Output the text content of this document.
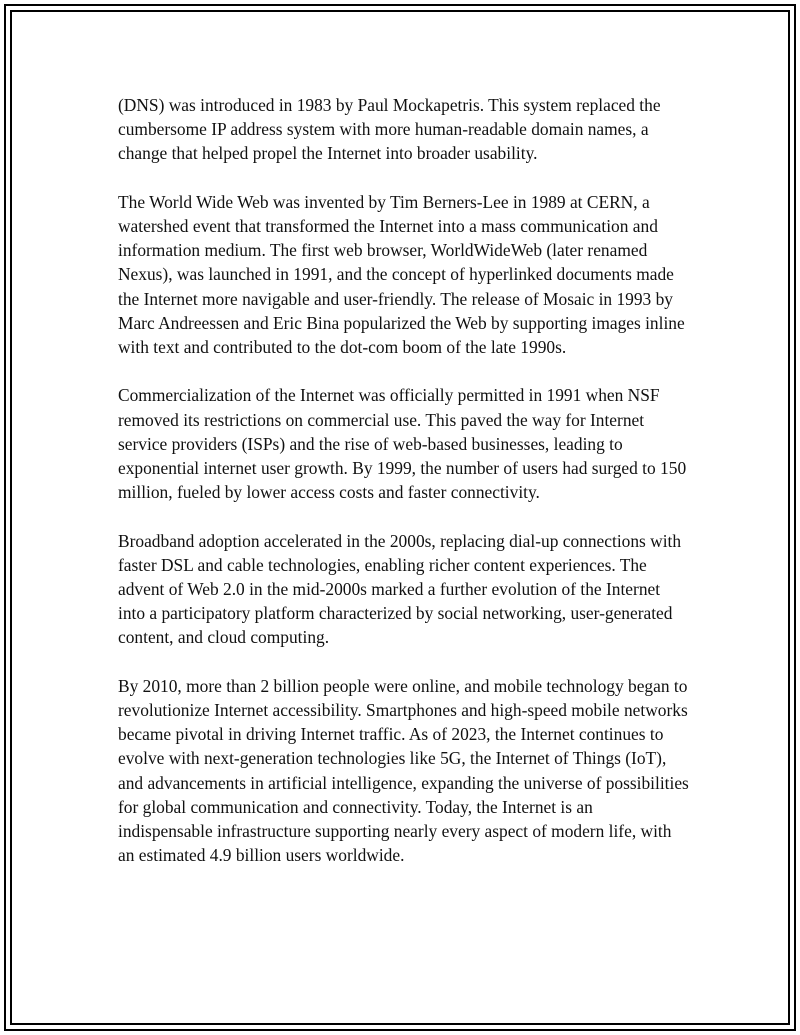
(DNS) was introduced in 1983 by Paul Mockapetris. This system replaced the cumbersome IP address system with more human-readable domain names, a change that helped propel the Internet into broader usability.

The World Wide Web was invented by Tim Berners-Lee in 1989 at CERN, a watershed event that transformed the Internet into a mass communication and information medium. The first web browser, WorldWideWeb (later renamed Nexus), was launched in 1991, and the concept of hyperlinked documents made the Internet more navigable and user-friendly. The release of Mosaic in 1993 by Marc Andreessen and Eric Bina popularized the Web by supporting images inline with text and contributed to the dot-com boom of the late 1990s.

Commercialization of the Internet was officially permitted in 1991 when NSF removed its restrictions on commercial use. This paved the way for Internet service providers (ISPs) and the rise of web-based businesses, leading to exponential internet user growth. By 1999, the number of users had surged to 150 million, fueled by lower access costs and faster connectivity.

Broadband adoption accelerated in the 2000s, replacing dial-up connections with faster DSL and cable technologies, enabling richer content experiences. The advent of Web 2.0 in the mid-2000s marked a further evolution of the Internet into a participatory platform characterized by social networking, user-generated content, and cloud computing.

By 2010, more than 2 billion people were online, and mobile technology began to revolutionize Internet accessibility. Smartphones and high-speed mobile networks became pivotal in driving Internet traffic. As of 2023, the Internet continues to evolve with next-generation technologies like 5G, the Internet of Things (IoT), and advancements in artificial intelligence, expanding the universe of possibilities for global communication and connectivity. Today, the Internet is an indispensable infrastructure supporting nearly every aspect of modern life, with an estimated 4.9 billion users worldwide.
